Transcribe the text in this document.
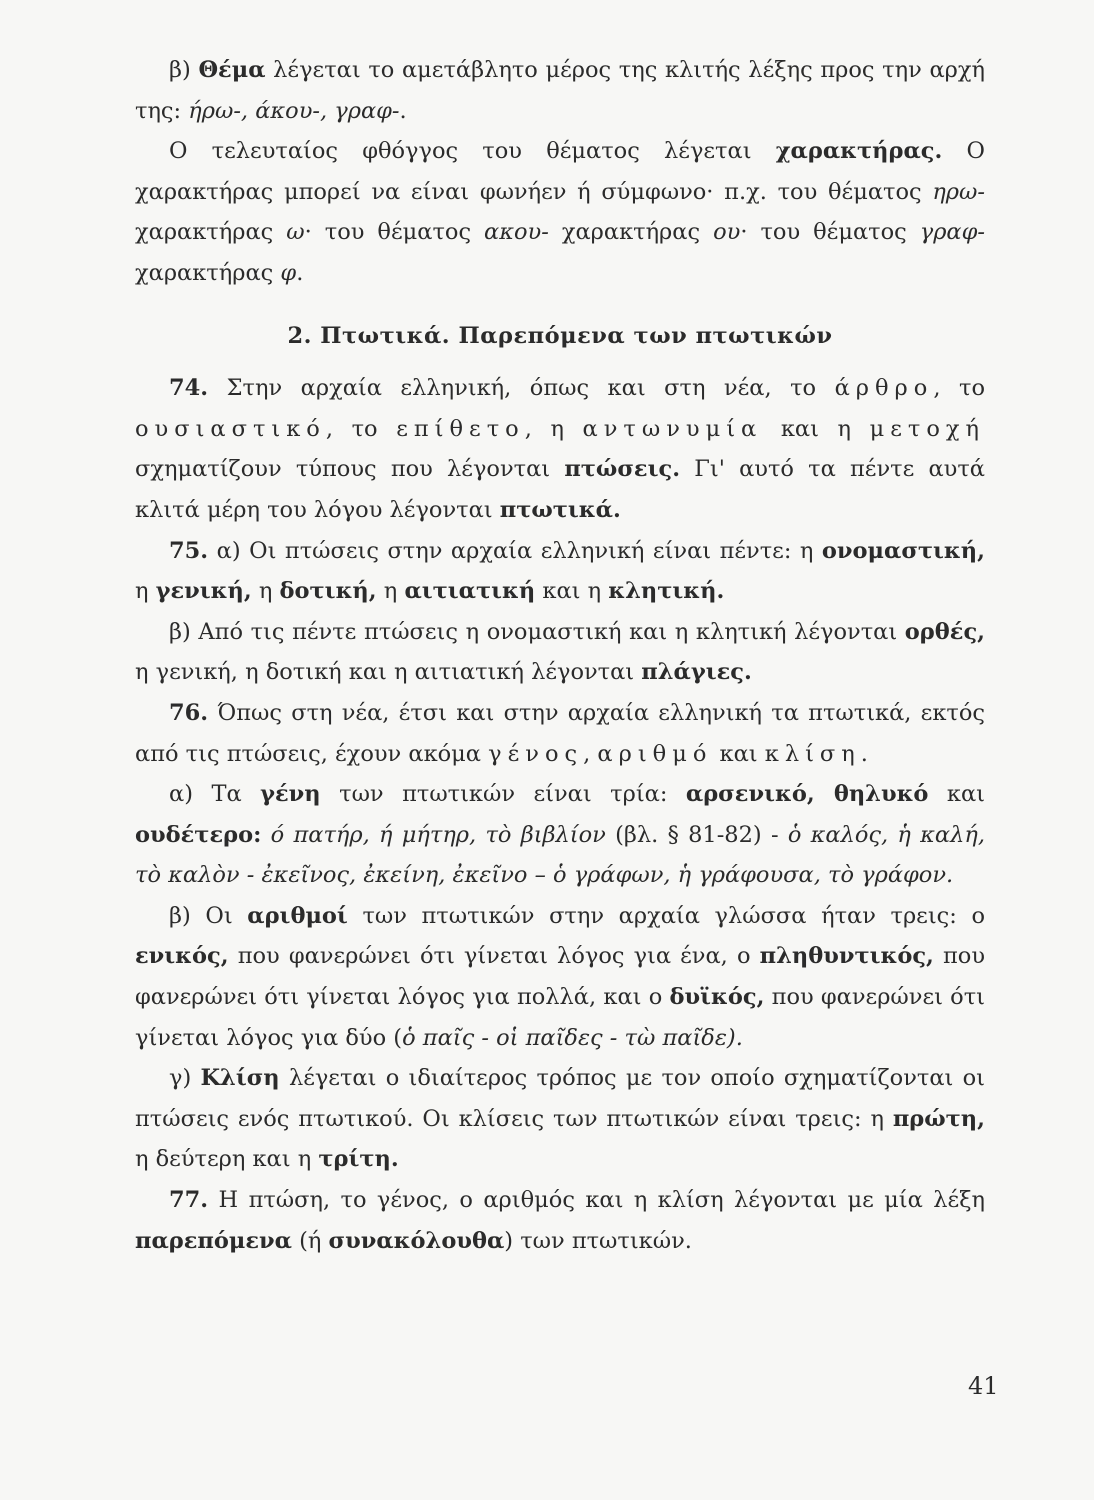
β) Θέμα λέγεται το αμετάβλητο μέρος της κλιτής λέξης προς την αρχή της: ήρω-, άκου-, γραφ-.

Ο τελευταίος φθόγγος του θέματος λέγεται χαρακτήρας. Ο χαρακτήρας μπορεί να είναι φωνήεν ή σύμφωνο· π.χ. του θέματος ηρω- χαρακτήρας ω· του θέματος ακου- χαρακτήρας ου· του θέματος γραφ- χαρακτήρας φ.

2. Πτωτικά. Παρεπόμενα των πτωτικών

74. Στην αρχαία ελληνική, όπως και στη νέα, το άρθρο, το ουσιαστικό, το επίθετο, η αντωνυμία και η μετοχή σχηματίζουν τύπους που λέγονται πτώσεις. Γι' αυτό τα πέντε αυτά κλιτά μέρη του λόγου λέγονται πτωτικά.

75. α) Οι πτώσεις στην αρχαία ελληνική είναι πέντε: η ονομαστική, η γενική, η δοτική, η αιτιατική και η κλητική.

β) Από τις πέντε πτώσεις η ονομαστική και η κλητική λέγονται ορθές, η γενική, η δοτική και η αιτιατική λέγονται πλάγιες.

76. Όπως στη νέα, έτσι και στην αρχαία ελληνική τα πτωτικά, εκτός από τις πτώσεις, έχουν ακόμα γένος, αριθμό και κλίση.

α) Τα γένη των πτωτικών είναι τρία: αρσενικό, θηλυκό και ουδέτερο: ό πατήρ, ή μήτηρ, τὸ βιβλίον (βλ. § 81-82) - ὁ καλός, ἡ καλή, τὸ καλὸν - ἐκεῖνος, ἐκείνη, ἐκεῖνο – ὁ γράφων, ἡ γράφουσα, τὸ γράφον.

β) Οι αριθμοί των πτωτικών στην αρχαία γλώσσα ήταν τρεις: ο ενικός, που φανερώνει ότι γίνεται λόγος για ένα, ο πληθυντικός, που φανερώνει ότι γίνεται λόγος για πολλά, και ο δυϊκός, που φανερώνει ότι γίνεται λόγος για δύο (ὁ παῖς - οἱ παῖδες - τὼ παῖδε).

γ) Κλίση λέγεται ο ιδιαίτερος τρόπος με τον οποίο σχηματίζονται οι πτώσεις ενός πτωτικού. Οι κλίσεις των πτωτικών είναι τρεις: η πρώτη, η δεύτερη και η τρίτη.

77. Η πτώση, το γένος, ο αριθμός και η κλίση λέγονται με μία λέξη παρεπόμενα (ή συνακόλουθα) των πτωτικών.

41
